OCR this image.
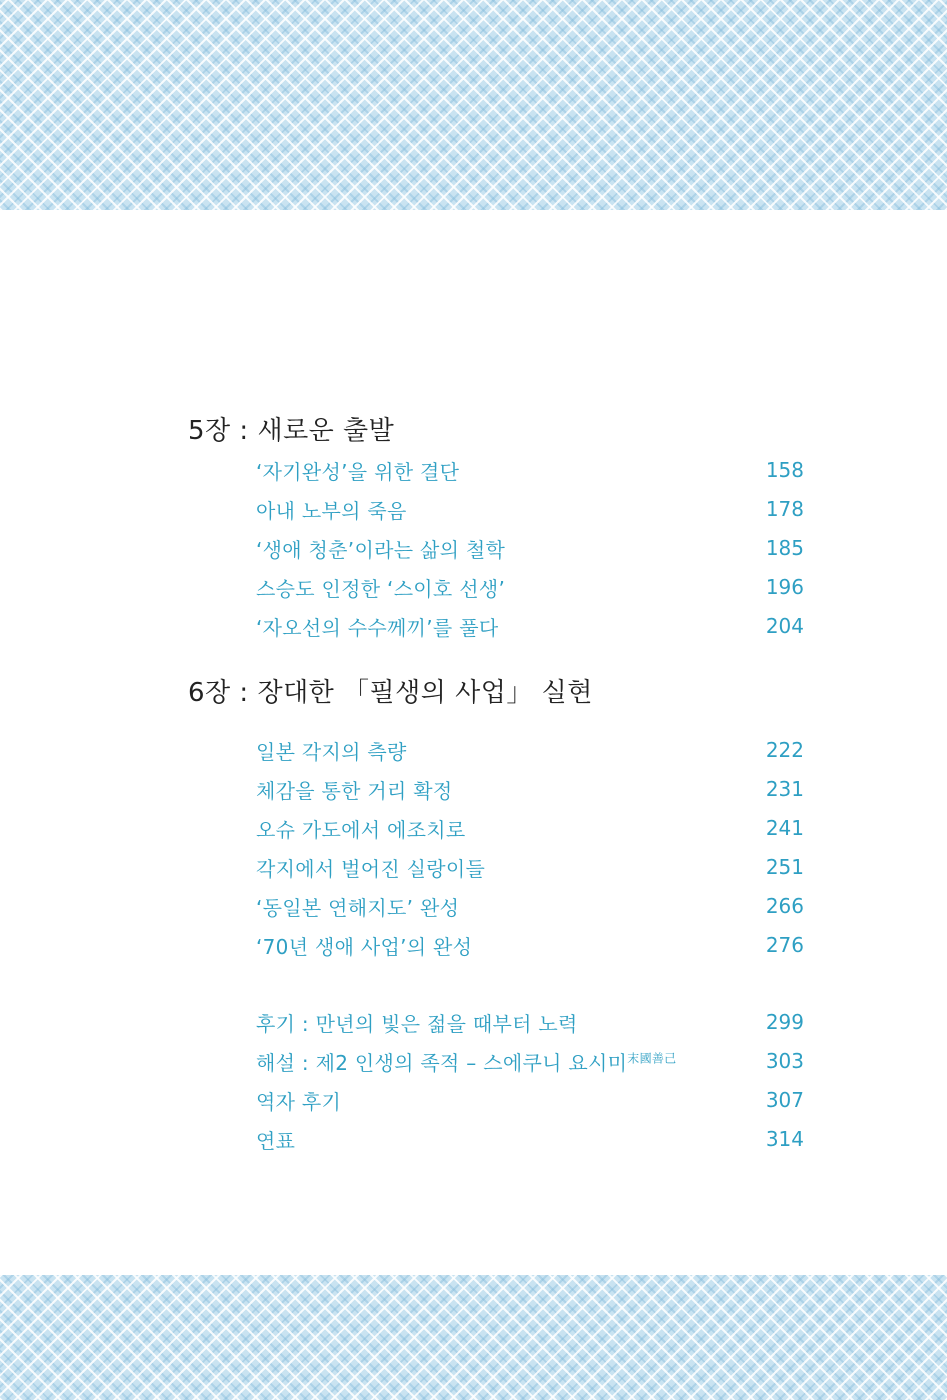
5장 : 새로운 출발
‘자기완성’을 위한 결단	158
아내 노부의 죽음	178
‘생애 청춘’이라는 삶의 철학	185
스승도 인정한 ‘스이호 선생’	196
‘자오선의 수수께끼’를 풀다	204
6장 : 장대한 「필생의 사업」 실현
일본 각지의 측량	222
체감을 통한 거리 확정	231
오슈 가도에서 에조치로	241
각지에서 벌어진 실랑이들	251
‘동일본 연해지도’ 완성	266
‘70년 생애 사업’의 완성	276
후기 : 만년의 빛은 젊을 때부터 노력	299
해설 : 제2 인생의 족적 – 스에쿠니 요시미$^{末國善己}$	303
역자 후기	307
연표	314
